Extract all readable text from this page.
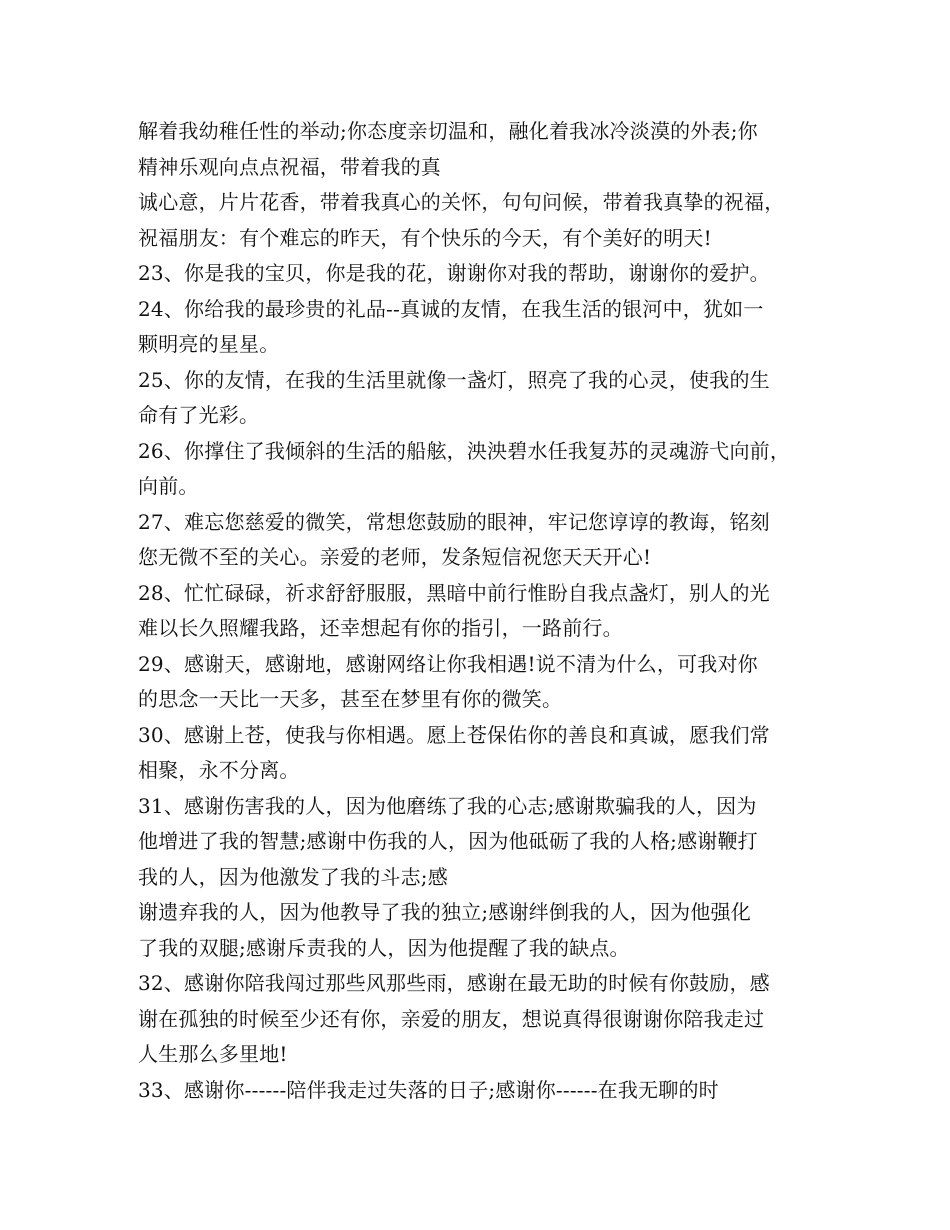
解着我幼稚任性的举动;你态度亲切温和，融化着我冰冷淡漠的外表;你
精神乐观向点点祝福，带着我的真
诚心意，片片花香，带着我真心的关怀，句句问候，带着我真挚的祝福，
祝福朋友：有个难忘的昨天，有个快乐的今天，有个美好的明天!
23、你是我的宝贝，你是我的花，谢谢你对我的帮助，谢谢你的爱护。
24、你给我的最珍贵的礼品--真诚的友情，在我生活的银河中，犹如一
颗明亮的星星。
25、你的友情，在我的生活里就像一盏灯，照亮了我的心灵，使我的生
命有了光彩。
26、你撑住了我倾斜的生活的船舷，泱泱碧水任我复苏的灵魂游弋向前，
向前。
27、难忘您慈爱的微笑，常想您鼓励的眼神，牢记您谆谆的教诲，铭刻
您无微不至的关心。亲爱的老师，发条短信祝您天天开心!
28、忙忙碌碌，祈求舒舒服服，黑暗中前行惟盼自我点盏灯，别人的光
难以长久照耀我路，还幸想起有你的指引，一路前行。
29、感谢天，感谢地，感谢网络让你我相遇!说不清为什么，可我对你
的思念一天比一天多，甚至在梦里有你的微笑。
30、感谢上苍，使我与你相遇。愿上苍保佑你的善良和真诚，愿我们常
相聚，永不分离。
31、感谢伤害我的人，因为他磨练了我的心志;感谢欺骗我的人，因为
他增进了我的智慧;感谢中伤我的人，因为他砥砺了我的人格;感谢鞭打
我的人，因为他激发了我的斗志;感
谢遗弃我的人，因为他教导了我的独立;感谢绊倒我的人，因为他强化
了我的双腿;感谢斥责我的人，因为他提醒了我的缺点。
32、感谢你陪我闯过那些风那些雨，感谢在最无助的时候有你鼓励，感
谢在孤独的时候至少还有你，亲爱的朋友，想说真得很谢谢你陪我走过
人生那么多里地!
33、感谢你------陪伴我走过失落的日子;感谢你------在我无聊的时
